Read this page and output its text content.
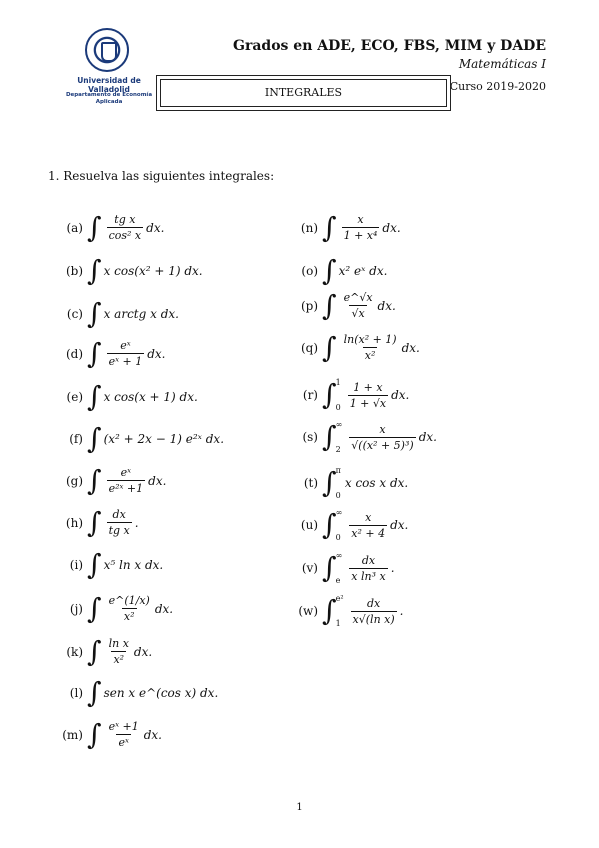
Universidad de Valladolid
Departamento de Economía Aplicada
Grados en ADE, ECO, FBS, MIM y DADE
Matemáticas I
Curso 2019-2020
INTEGRALES
1. Resuelva las siguientes integrales:
(a) ∫ $\frac{\text{tg x}}{\text{cos² x}}$ dx.
(b) ∫ x cos(x² + 1) dx.
(c) ∫ x arctg x dx.
(d) ∫ $\frac{\text{eˣ}}{\text{eˣ + 1}}$ dx.
(e) ∫ x cos(x + 1) dx.
(f) ∫ (x² + 2x − 1) e²ˣ dx.
(g) ∫ $\frac{\text{eˣ}}{\text{e²ˣ +1}}$ dx.
(h) ∫ $\frac{dx}{\text{tg x}}$ .
(i) ∫ x⁵ ln x dx.
(j) ∫ $\frac{e\^{}(1/x)}{\text{x²}}$ dx.
(k) ∫ $\frac{\text{ln x}}{\text{x²}}$ dx.
(l) ∫ sen x e^(cos x) dx.
(m) ∫ $\frac{\text{eˣ +1}}{\text{eˣ}}$ dx.
(n) ∫ $\frac{x}{\text{1 + x⁴}}$ dx.
(o) ∫ x² eˣ dx.
(p) ∫ $\frac{e\^{}√x}{√x}$ dx.
(q) ∫ $\frac{\text{ln(x² + 1)}}{\text{x²}}$ dx.
(r) ∫ 1
$0 \frac{1 + x}{1 + √x}$ dx.
(s) ∫ ∞
$2 \frac{x}{\text{√((x² + 5)³)}}$ dx.
(t) ∫ π
0
x cos x dx.
(u) ∫ ∞
$0 \frac{x}{\text{x² + 4}}$ dx.
(v) ∫ ∞
e $\frac{dx}{\text{x ln³ x}}$ .
(w) ∫ e²
$1 \frac{dx}{\text{x√(ln x)}}$ .
1
